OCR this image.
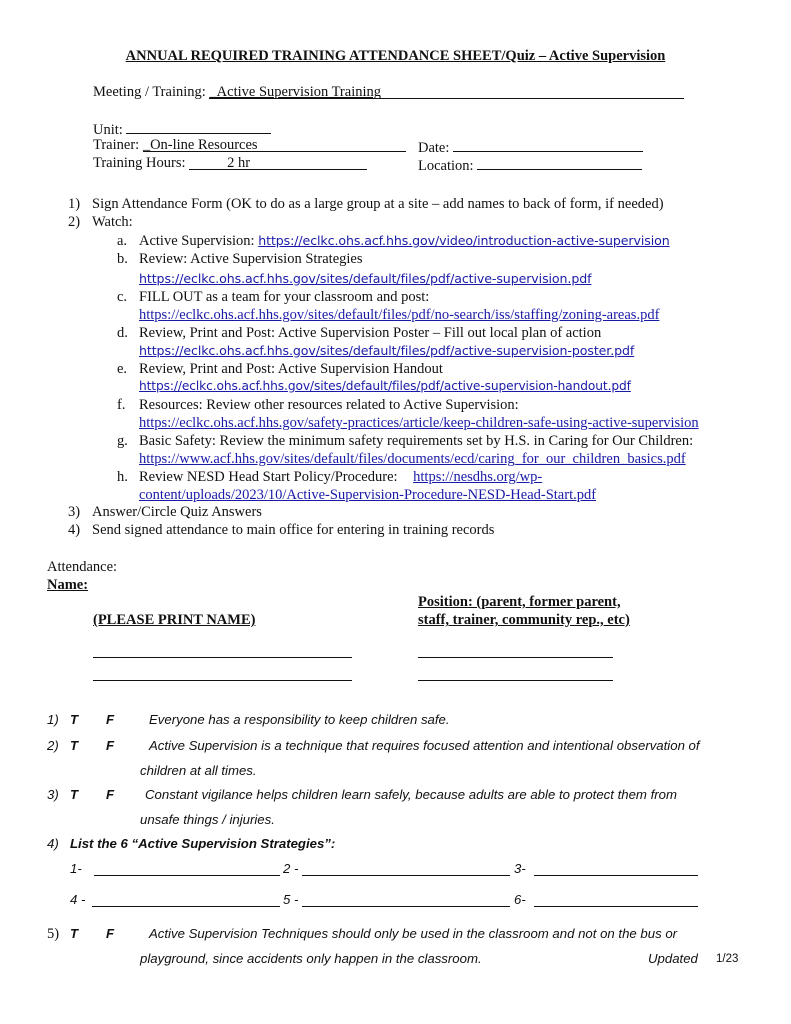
ANNUAL REQUIRED TRAINING ATTENDANCE SHEET/Quiz – Active Supervision
Meeting / Training: _Active Supervision Training
Unit:
Trainer: _On-line Resources	Date:
Training Hours:	2 hr	Location:
1) Sign Attendance Form (OK to do as a large group at a site – add names to back of form, if needed)
2) Watch:
a. Active Supervision: https://eclkc.ohs.acf.hhs.gov/video/introduction-active-supervision
b. Review: Active Supervision Strategies
https://eclkc.ohs.acf.hhs.gov/sites/default/files/pdf/active-supervision.pdf
c. FILL OUT as a team for your classroom and post:
https://eclkc.ohs.acf.hhs.gov/sites/default/files/pdf/no-search/iss/staffing/zoning-areas.pdf
d. Review, Print and Post: Active Supervision Poster – Fill out local plan of action
https://eclkc.ohs.acf.hhs.gov/sites/default/files/pdf/active-supervision-poster.pdf
e. Review, Print and Post: Active Supervision Handout
https://eclkc.ohs.acf.hhs.gov/sites/default/files/pdf/active-supervision-handout.pdf
f. Resources: Review other resources related to Active Supervision:
https://eclkc.ohs.acf.hhs.gov/safety-practices/article/keep-children-safe-using-active-supervision
g. Basic Safety: Review the minimum safety requirements set by H.S. in Caring for Our Children:
https://www.acf.hhs.gov/sites/default/files/documents/ecd/caring_for_our_children_basics.pdf
h. Review NESD Head Start Policy/Procedure: https://nesdhs.org/wp-
content/uploads/2023/10/Active-Supervision-Procedure-NESD-Head-Start.pdf
3) Answer/Circle Quiz Answers
4) Send signed attendance to main office for entering in training records
Attendance:
Name:
Position: (parent, former parent,
(PLEASE PRINT NAME)	staff, trainer, community rep., etc)
1) T F	Everyone has a responsibility to keep children safe.
2) T F	Active Supervision is a technique that requires focused attention and intentional observation of
children at all times.
3) T F Constant vigilance helps children learn safely, because adults are able to protect them from
unsafe things / injuries.
4) List the 6 “Active Supervision Strategies”:
1-	2 -	3-
4 -	5 -	6-
5) T F	Active Supervision Techniques should only be used in the classroom and not on the bus or
playground, since accidents only happen in the classroom.	Updated 1/23
